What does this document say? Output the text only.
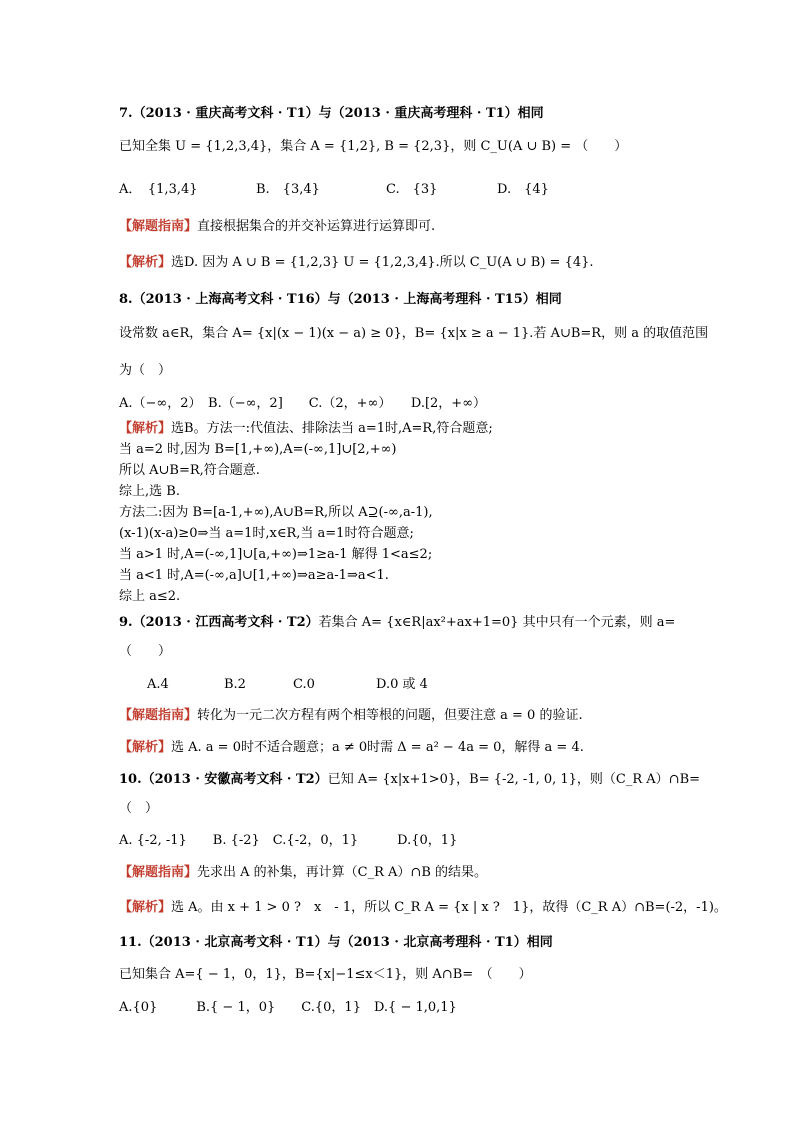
7.（2013 · 重庆高考文科 · T1）与（2013 · 重庆高考理科 · T1）相同
已知全集 U = {1,2,3,4}，集合 A = {1,2}, B = {2,3}，则 C_U(A ∪ B) = （　　）
A．　{1,3,4}	B.　{3,4}	C.　{3}	D.　{4}
【解题指南】直接根据集合的并交补运算进行运算即可.
【解析】选D. 因为 A ∪ B = {1,2,3} U = {1,2,3,4}.所以 C_U(A ∪ B) = {4}.
8.（2013 · 上海高考文科 · T16）与（2013 · 上海高考理科 · T15）相同
设常数 a∈R，集合 A= {x|(x − 1)(x − a) ≥ 0}，B= {x|x ≥ a − 1}.若 A∪B=R，则 a 的取值范围
为（　）
A.（−∞，2）　B.（−∞，2]　　C.（2，+∞）　　D.[2，+∞）
【解析】选B。方法一:代值法、排除法当 a=1时,A=R,符合题意;
当 a=2 时,因为 B=[1,+∞),A=(-∞,1]∪[2,+∞)
所以 A∪B=R,符合题意.
综上,选 B.
方法二:因为 B=[a-1,+∞),A∪B=R,所以 A⊇(-∞,a-1),
(x-1)(x-a)≥0⇒当 a=1时,x∈R,当 a=1时符合题意;
当 a>1 时,A=(-∞,1]∪[a,+∞)⇒1≥a-1 解得 1<a≤2;
当 a<1 时,A=(-∞,a]∪[1,+∞)⇒a≥a-1⇒a<1.
综上 a≤2.
9.（2013 · 江西高考文科 · T2）若集合 A= {x∈R|ax²+ax+1=0} 其中只有一个元素，则 a=
（　　）
A.4	B.2	C.0	D.0 或 4
【解题指南】转化为一元二次方程有两个相等根的问题，但要注意 a = 0 的验证.
【解析】选 A. a = 0时不适合题意；a ≠ 0时需 Δ = a² − 4a = 0，解得 a = 4.
10.（2013 · 安徽高考文科 · T2）已知 A= {x|x+1>0}，B= {-2, -1, 0, 1}，则（C_R A）∩B=
（　）
A. {-2, -1}　　B. {-2}　C.{-2，0，1}　　　D.{0，1}
【解题指南】先求出 A 的补集，再计算（C_R A）∩B 的结果。
【解析】选 A。由 x + 1 > 0 ?　x　- 1，所以 C_R A = {x | x ?　1}，故得（C_R A）∩B=(-2，-1)。
11.（2013 · 北京高考文科 · T1）与（2013 · 北京高考理科 · T1）相同
已知集合 A={ − 1，0，1}，B={x|−1≤x＜1}，则 A∩B=　（　　）
A.{0}　　　B.{ − 1，0}　　C.{0，1}　D.{ − 1,0,1}
